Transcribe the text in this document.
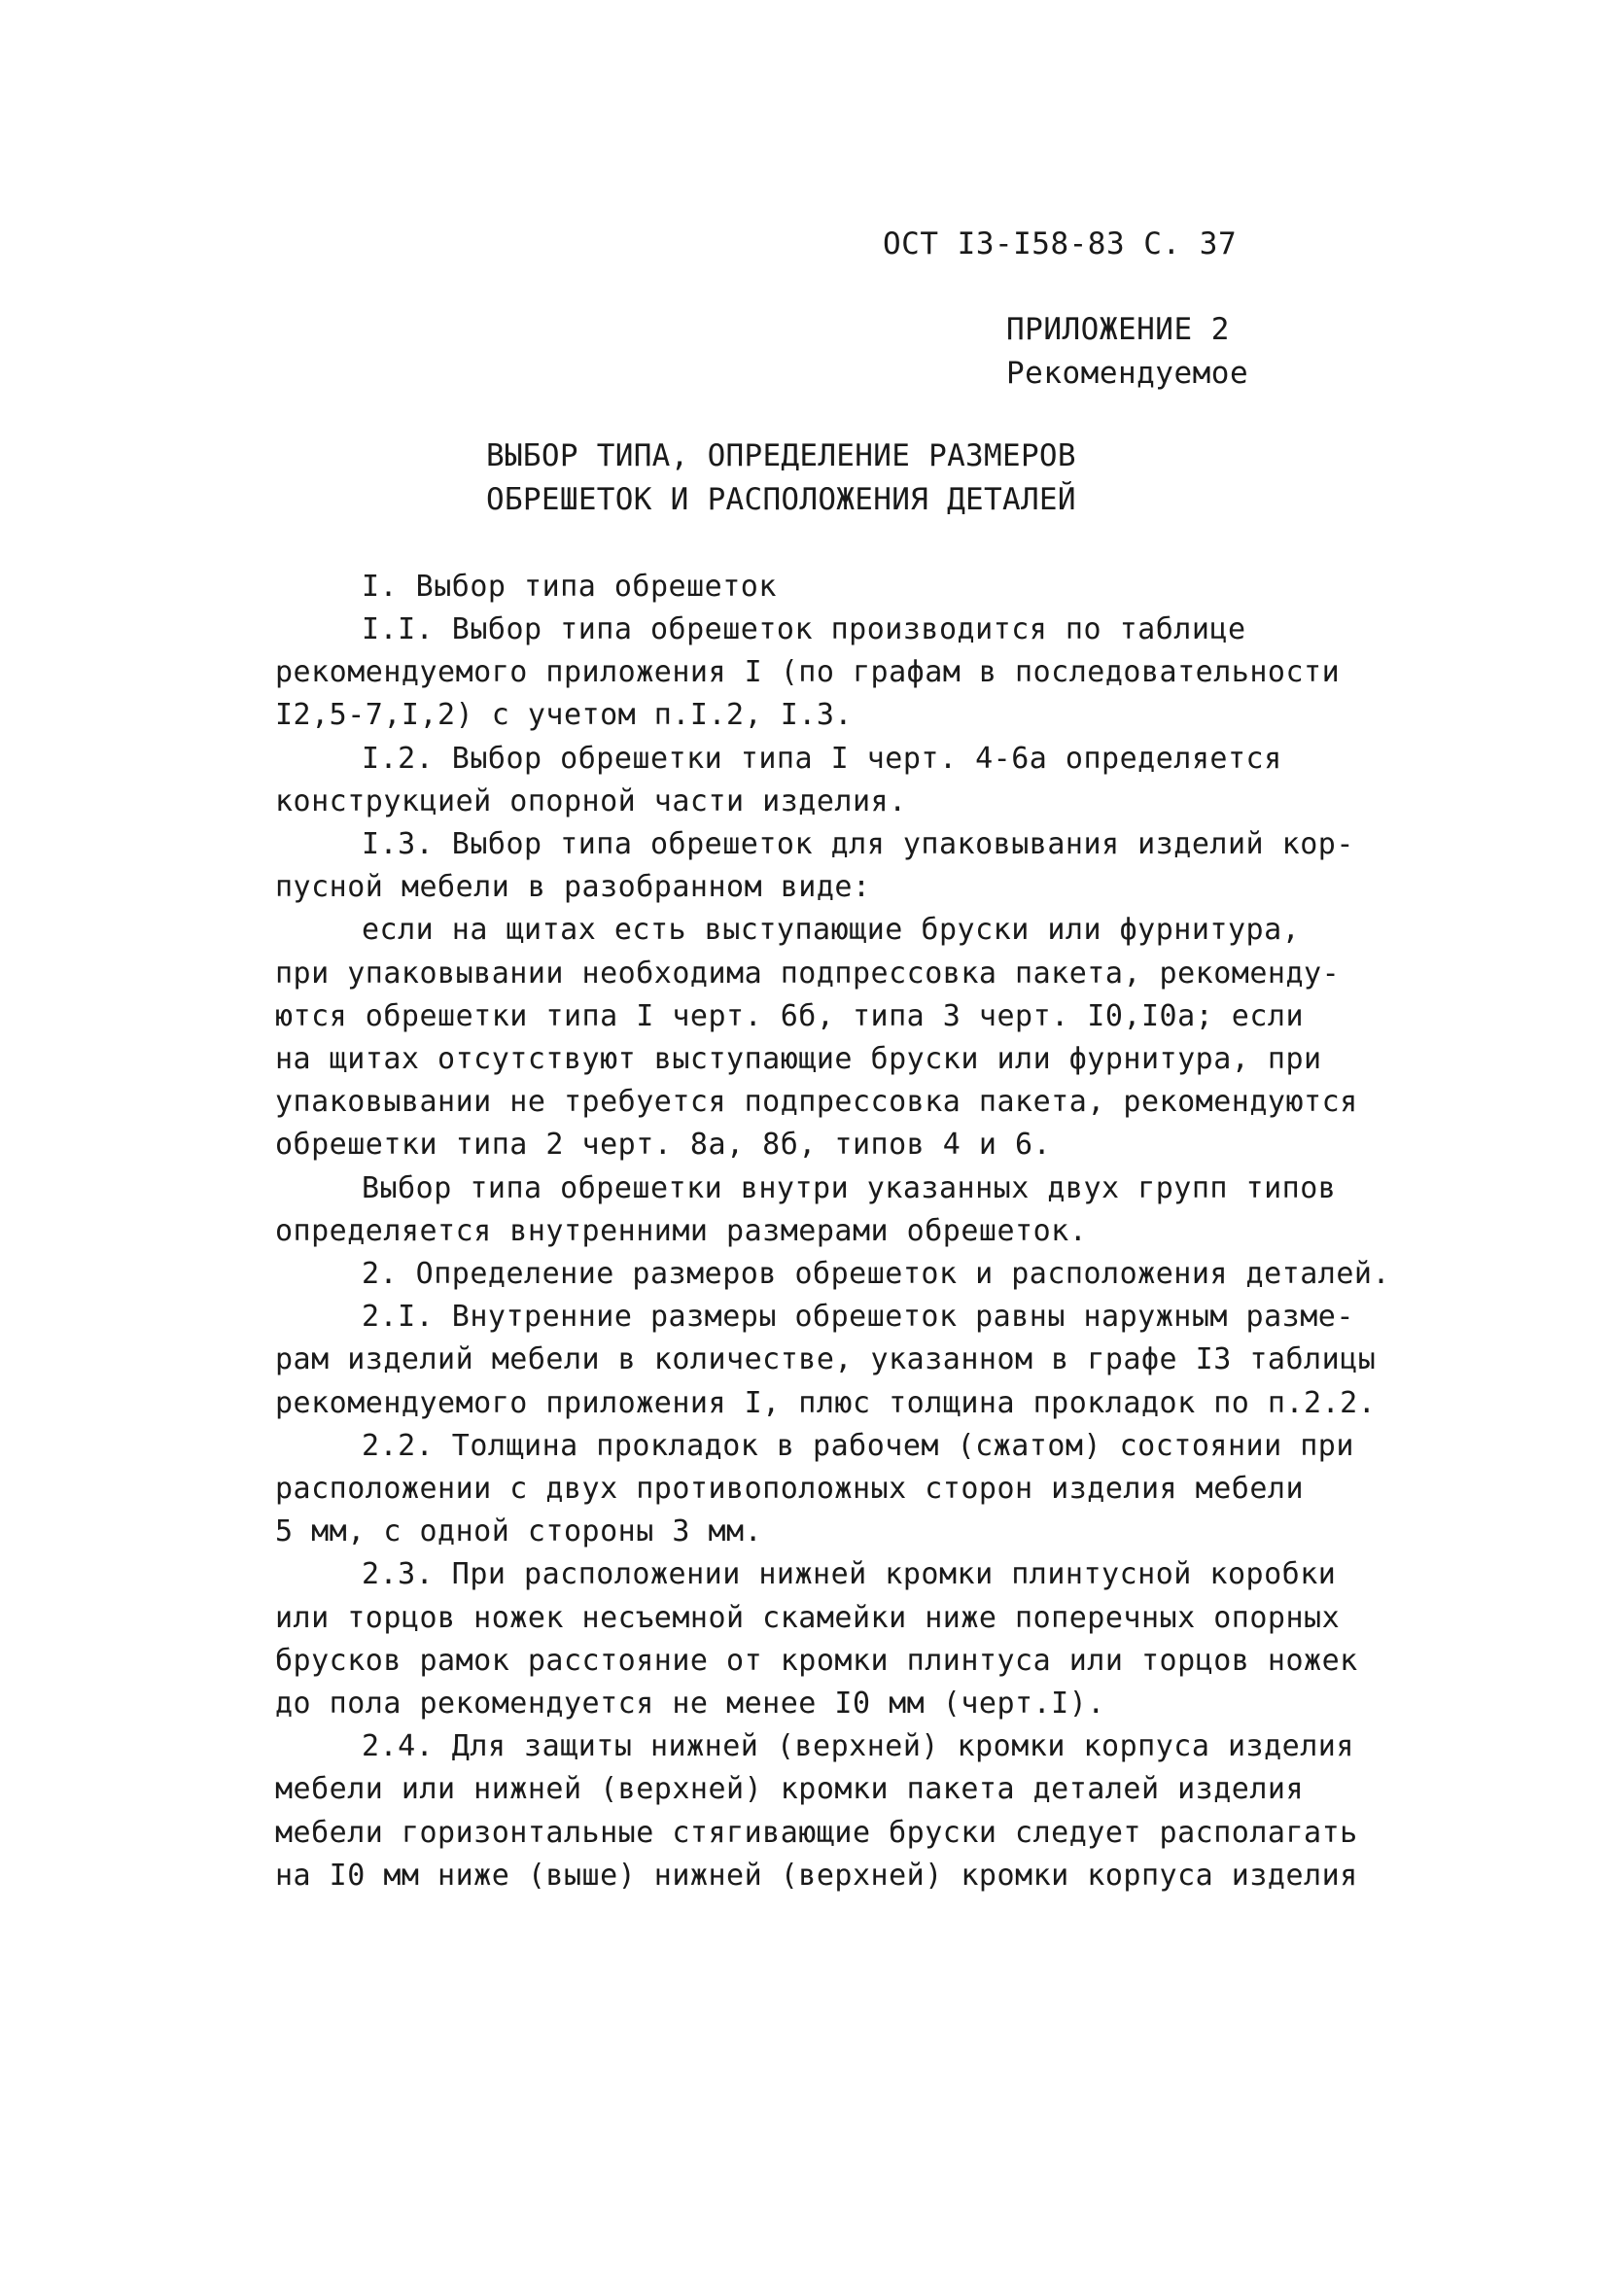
ОСТ I3-I58-83 С. 37
ПРИЛОЖЕНИЕ 2
Рекомендуемое
ВЫБОР ТИПА, ОПРЕДЕЛЕНИЕ РАЗМЕРОВ
ОБРЕШЕТОК И РАСПОЛОЖЕНИЯ ДЕТАЛЕЙ
I. Выбор типа обрешеток
I.I. Выбор типа обрешеток производится по таблице
рекомендуемого приложения I (по графам в последовательности
I2,5-7,I,2) с учетом п.I.2, I.3.
I.2. Выбор обрешетки типа I черт. 4-6а определяется
конструкцией опорной части изделия.
I.3. Выбор типа обрешеток для упаковывания изделий кор-
пусной мебели в разобранном виде:
если на щитах есть выступающие бруски или фурнитура,
при упаковывании необходима подпрессовка пакета, рекоменду-
ются обрешетки типа I черт. 6б, типа 3 черт. I0,I0а; если
на щитах отсутствуют выступающие бруски или фурнитура, при
упаковывании не требуется подпрессовка пакета, рекомендуются
обрешетки типа 2 черт. 8а, 8б, типов 4 и 6.
Выбор типа обрешетки внутри указанных двух групп типов
определяется внутренними размерами обрешеток.
2. Определение размеров обрешеток и расположения деталей.
2.I. Внутренние размеры обрешеток равны наружным разме-
рам изделий мебели в количестве, указанном в графе I3 таблицы
рекомендуемого приложения I, плюс толщина прокладок по п.2.2.
2.2. Толщина прокладок в рабочем (сжатом) состоянии при
расположении с двух противоположных сторон изделия мебели
5 мм, с одной стороны 3 мм.
2.3. При расположении нижней кромки плинтусной коробки
или торцов ножек несъемной скамейки ниже поперечных опорных
брусков рамок расстояние от кромки плинтуса или торцов ножек
до пола рекомендуется не менее I0 мм (черт.I).
2.4. Для защиты нижней (верхней) кромки корпуса изделия
мебели или нижней (верхней) кромки пакета деталей изделия
мебели горизонтальные стягивающие бруски следует располагать
на I0 мм ниже (выше) нижней (верхней) кромки корпуса изделия
